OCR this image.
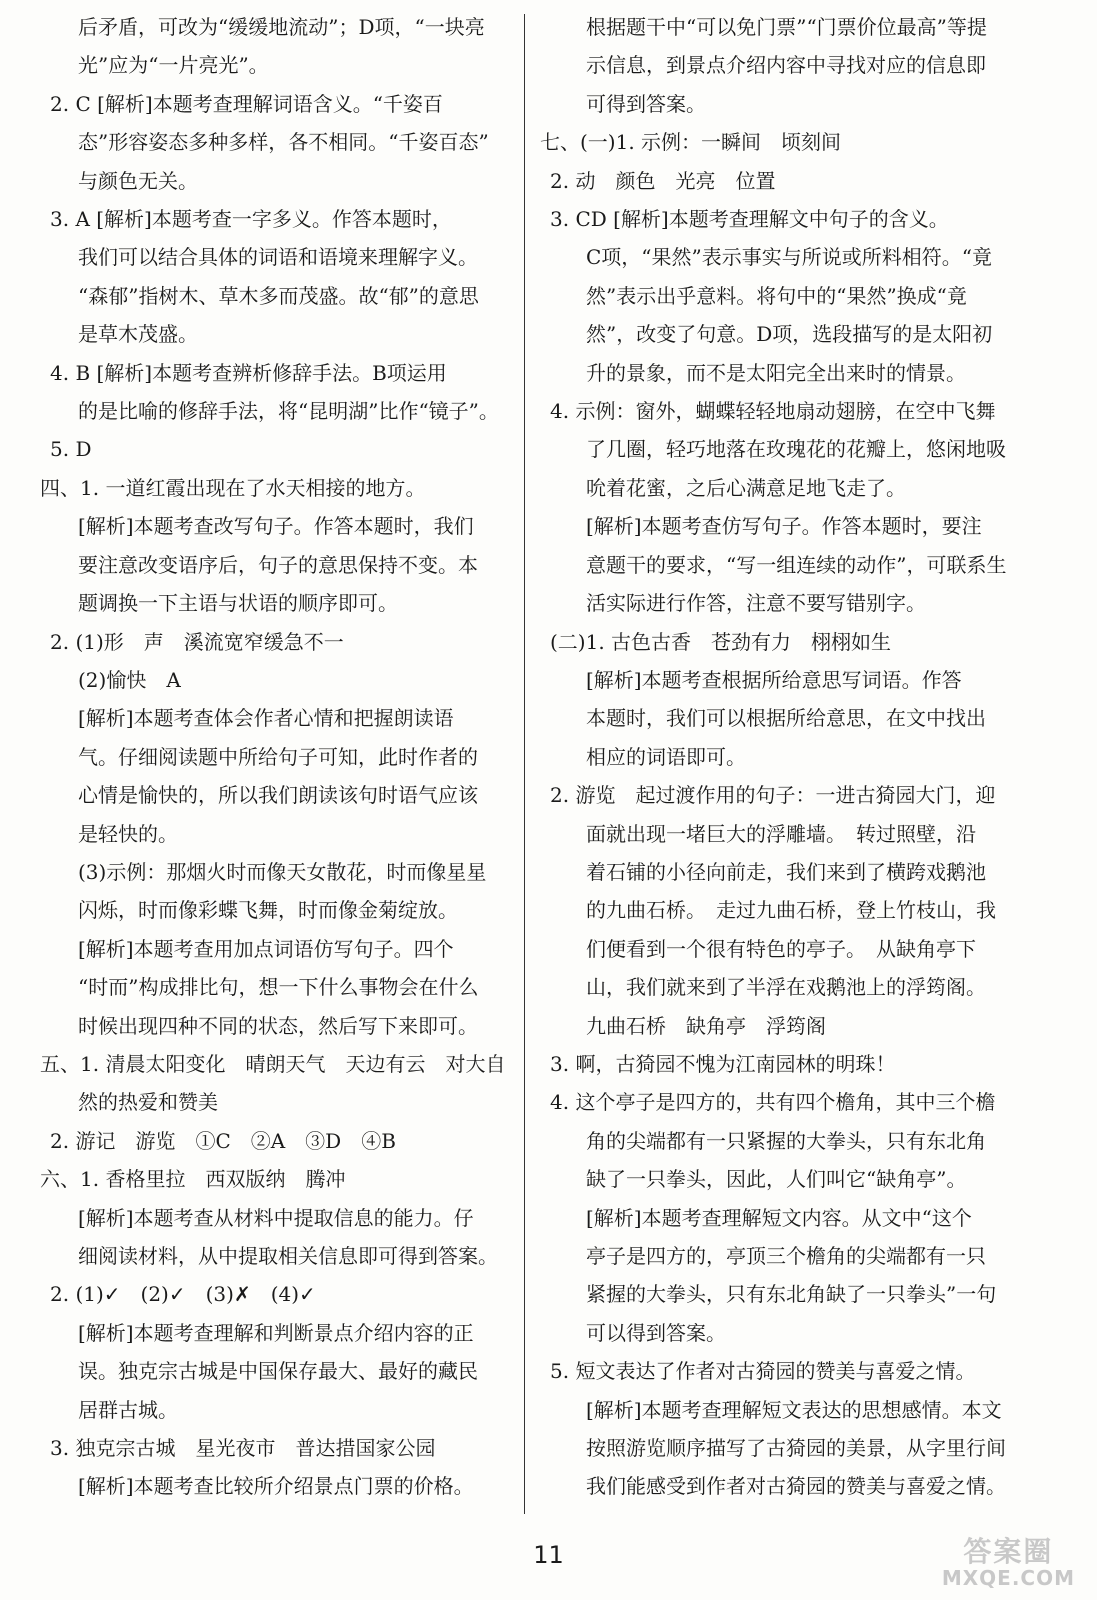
后矛盾，可改为“缓缓地流动”；D项，“一块亮
光”应为“一片亮光”。
2. C [解析]本题考查理解词语含义。“千姿百
态”形容姿态多种多样，各不相同。“千姿百态”
与颜色无关。
3. A [解析]本题考查一字多义。作答本题时，
我们可以结合具体的词语和语境来理解字义。
“森郁”指树木、草木多而茂盛。故“郁”的意思
是草木茂盛。
4. B [解析]本题考查辨析修辞手法。B项运用
的是比喻的修辞手法，将“昆明湖”比作“镜子”。
5. D
四、1. 一道红霞出现在了水天相接的地方。
[解析]本题考查改写句子。作答本题时，我们
要注意改变语序后，句子的意思保持不变。本
题调换一下主语与状语的顺序即可。
2. (1)形　声　溪流宽窄缓急不一
(2)愉快　A
[解析]本题考查体会作者心情和把握朗读语
气。仔细阅读题中所给句子可知，此时作者的
心情是愉快的，所以我们朗读该句时语气应该
是轻快的。
(3)示例：那烟火时而像天女散花，时而像星星
闪烁，时而像彩蝶飞舞，时而像金菊绽放。
[解析]本题考查用加点词语仿写句子。四个
“时而”构成排比句，想一下什么事物会在什么
时候出现四种不同的状态，然后写下来即可。
五、1. 清晨太阳变化　晴朗天气　天边有云　对大自
然的热爱和赞美
2. 游记　游览　①C　②A　③D　④B
六、1. 香格里拉　西双版纳　腾冲
[解析]本题考查从材料中提取信息的能力。仔
细阅读材料，从中提取相关信息即可得到答案。
2. (1)✓　(2)✓　(3)✗　(4)✓
[解析]本题考查理解和判断景点介绍内容的正
误。独克宗古城是中国保存最大、最好的藏民
居群古城。
3. 独克宗古城　星光夜市　普达措国家公园
[解析]本题考查比较所介绍景点门票的价格。
根据题干中“可以免门票”“门票价位最高”等提
示信息，到景点介绍内容中寻找对应的信息即
可得到答案。
七、(一)1. 示例：一瞬间　顷刻间
2. 动　颜色　光亮　位置
3. CD [解析]本题考查理解文中句子的含义。
C项，“果然”表示事实与所说或所料相符。“竟
然”表示出乎意料。将句中的“果然”换成“竟
然”，改变了句意。D项，选段描写的是太阳初
升的景象，而不是太阳完全出来时的情景。
4. 示例：窗外，蝴蝶轻轻地扇动翅膀，在空中飞舞
了几圈，轻巧地落在玫瑰花的花瓣上，悠闲地吸
吮着花蜜，之后心满意足地飞走了。
[解析]本题考查仿写句子。作答本题时，要注
意题干的要求，“写一组连续的动作”，可联系生
活实际进行作答，注意不要写错别字。
(二)1. 古色古香　苍劲有力　栩栩如生
[解析]本题考查根据所给意思写词语。作答
本题时，我们可以根据所给意思，在文中找出
相应的词语即可。
2. 游览　起过渡作用的句子：一进古猗园大门，迎
面就出现一堵巨大的浮雕墙。　转过照壁，沿
着石铺的小径向前走，我们来到了横跨戏鹅池
的九曲石桥。　走过九曲石桥，登上竹枝山，我
们便看到一个很有特色的亭子。　从缺角亭下
山，我们就来到了半浮在戏鹅池上的浮筠阁。
九曲石桥　缺角亭　浮筠阁
3. 啊，古猗园不愧为江南园林的明珠！
4. 这个亭子是四方的，共有四个檐角，其中三个檐
角的尖端都有一只紧握的大拳头，只有东北角
缺了一只拳头，因此，人们叫它“缺角亭”。
[解析]本题考查理解短文内容。从文中“这个
亭子是四方的，亭顶三个檐角的尖端都有一只
紧握的大拳头，只有东北角缺了一只拳头”一句
可以得到答案。
5. 短文表达了作者对古猗园的赞美与喜爱之情。
[解析]本题考查理解短文表达的思想感情。本文
按照游览顺序描写了古猗园的美景，从字里行间
我们能感受到作者对古猗园的赞美与喜爱之情。
11	答案圈
MXQE.COM
